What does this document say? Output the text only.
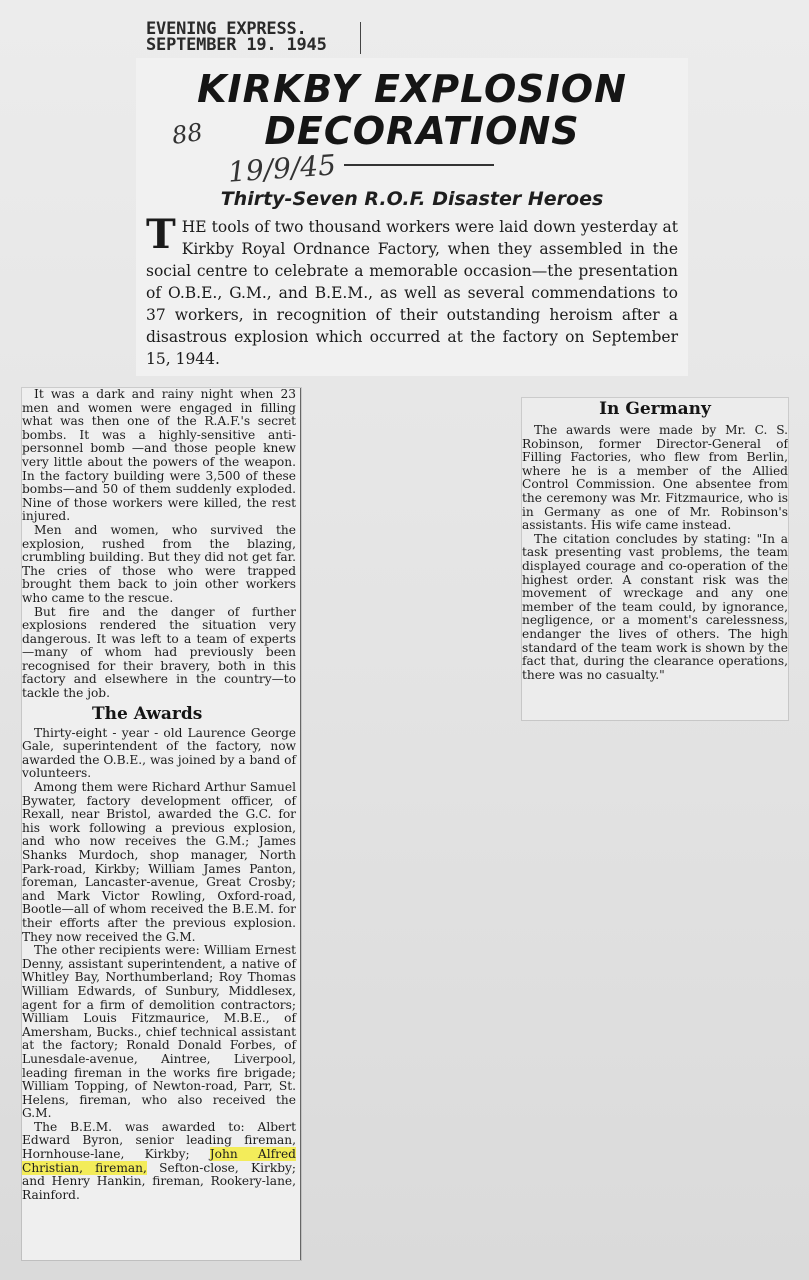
EVENING EXPRESS.
SEPTEMBER 19. 1945
KIRKBY EXPLOSION
DECORATIONS
88
19/9/45
Thirty-Seven R.O.F. Disaster Heroes
T HE tools of two thousand workers were laid down yesterday at Kirkby Royal Ordnance Factory, when they assembled in the social centre to celebrate a memorable occasion—the presentation of O.B.E., G.M., and B.E.M., as well as several commendations to 37 workers, in recognition of their outstanding heroism after a disastrous explosion which occurred at the factory on September 15, 1944.

It was a dark and rainy night when 23 men and women were engaged in filling what was then one of the R.A.F.'s secret bombs. It was a highly-sensitive anti-personnel bomb —and those people knew very little about the powers of the weapon. In the factory building were 3,500 of these bombs—and 50 of them suddenly exploded. Nine of those workers were killed, the rest injured.

Men and women, who survived the explosion, rushed from the blazing, crumbling building. But they did not get far. The cries of those who were trapped brought them back to join other workers who came to the rescue.

But fire and the danger of further explosions rendered the situation very dangerous. It was left to a team of experts—many of whom had previously been recognised for their bravery, both in this factory and elsewhere in the country—to tackle the job.

The Awards

Thirty-eight - year - old Laurence George Gale, superintendent of the factory, now awarded the O.B.E., was joined by a band of volunteers.

Among them were Richard Arthur Samuel Bywater, factory development officer, of Rexall, near Bristol, awarded the G.C. for his work following a previous explosion, and who now receives the G.M.; James Shanks Murdoch, shop manager, North Park-road, Kirkby; William James Panton, foreman, Lancaster-avenue, Great Crosby; and Mark Victor Rowling, Oxford-road, Bootle—all of whom received the B.E.M. for their efforts after the previous explosion. They now received the G.M.

The other recipients were: William Ernest Denny, assistant superintendent, a native of Whitley Bay, Northumberland; Roy Thomas William Edwards, of Sunbury, Middlesex, agent for a firm of demolition contractors; William Louis Fitzmaurice, M.B.E., of Amersham, Bucks., chief technical assistant at the factory; Ronald Donald Forbes, of Lunesdale-avenue, Aintree, Liverpool, leading fireman in the works fire brigade; William Topping, of Newton-road, Parr, St. Helens, fireman, who also received the G.M.

The B.E.M. was awarded to: Albert Edward Byron, senior leading fireman, Hornhouse-lane, Kirkby; John Alfred Christian, fireman, Sefton-close, Kirkby; and Henry Hankin, fireman, Rookery-lane, Rainford.

In Germany

The awards were made by Mr. C. S. Robinson, former Director-General of Filling Factories, who flew from Berlin, where he is a member of the Allied Control Commission. One absentee from the ceremony was Mr. Fitzmaurice, who is in Germany as one of Mr. Robinson's assistants. His wife came instead.

The citation concludes by stating: "In a task presenting vast problems, the team displayed courage and co-operation of the highest order. A constant risk was the movement of wreckage and any one member of the team could, by ignorance, negligence, or a moment's carelessness, endanger the lives of others. The high standard of the team work is shown by the fact that, during the clearance operations, there was no casualty."
